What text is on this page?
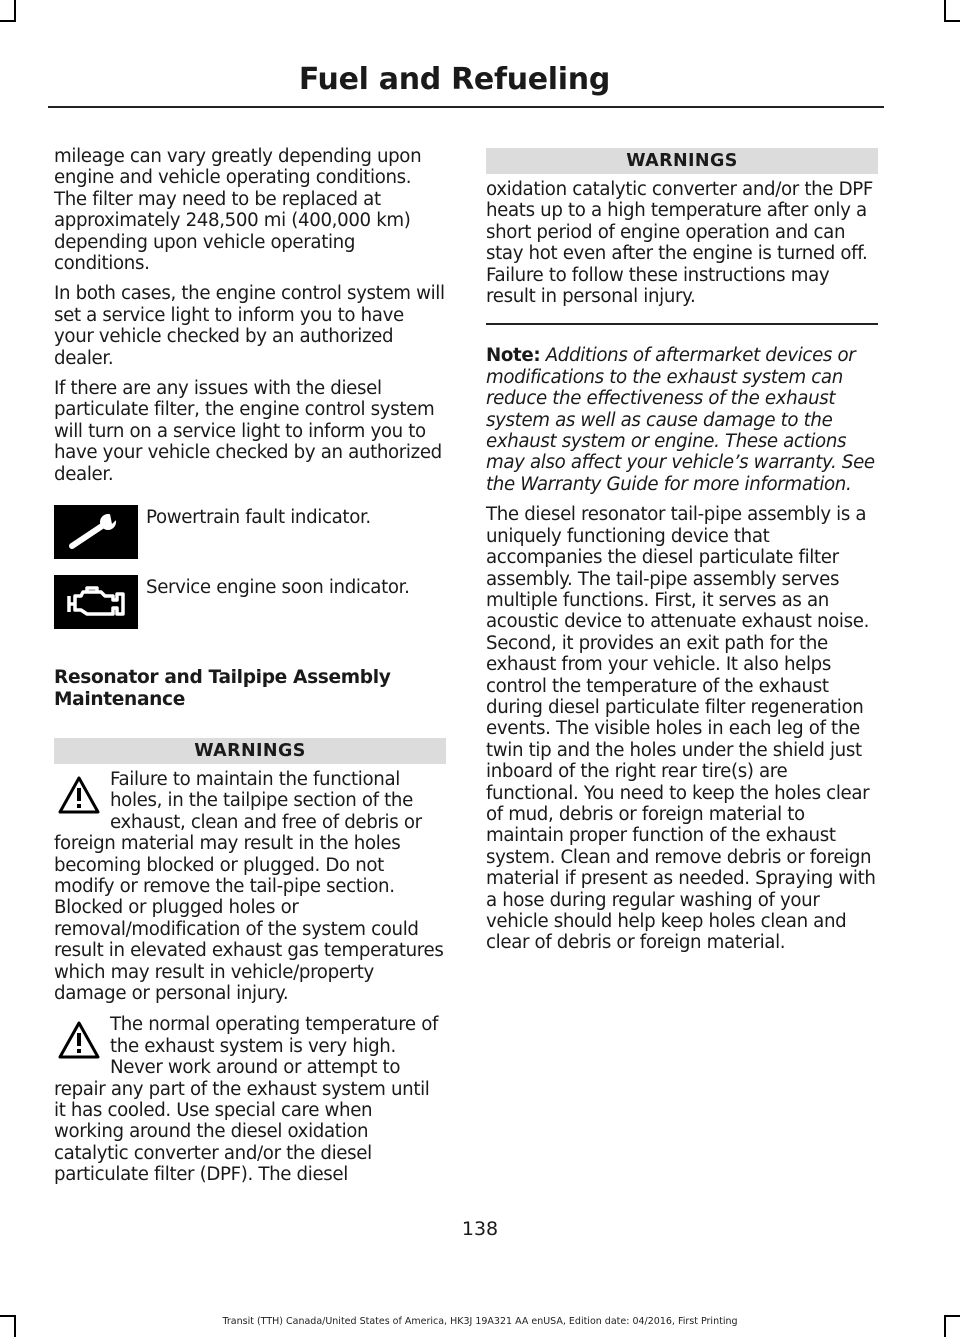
Fuel and Refueling

mileage can vary greatly depending upon engine and vehicle operating conditions. The filter may need to be replaced at approximately 248,500 mi (400,000 km) depending upon vehicle operating conditions.

In both cases, the engine control system will set a service light to inform you to have your vehicle checked by an authorized dealer.

If there are any issues with the diesel particulate filter, the engine control system will turn on a service light to inform you to have your vehicle checked by an authorized dealer.

Powertrain fault indicator.
Service engine soon indicator.
Resonator and Tailpipe Assembly Maintenance
WARNINGS
Failure to maintain the functional holes, in the tailpipe section of the exhaust, clean and free of debris or foreign material may result in the holes becoming blocked or plugged. Do not modify or remove the tail-pipe section. Blocked or plugged holes or removal/modification of the system could result in elevated exhaust gas temperatures which may result in vehicle/property damage or personal injury.
The normal operating temperature of the exhaust system is very high. Never work around or attempt to repair any part of the exhaust system until it has cooled. Use special care when working around the diesel oxidation catalytic converter and/or the diesel particulate filter (DPF). The diesel
WARNINGS
oxidation catalytic converter and/or the DPF heats up to a high temperature after only a short period of engine operation and can stay hot even after the engine is turned off. Failure to follow these instructions may result in personal injury.

Note: Additions of aftermarket devices or modifications to the exhaust system can reduce the effectiveness of the exhaust system as well as cause damage to the exhaust system or engine. These actions may also affect your vehicle’s warranty. See the Warranty Guide for more information.

The diesel resonator tail-pipe assembly is a uniquely functioning device that accompanies the diesel particulate filter assembly. The tail-pipe assembly serves multiple functions. First, it serves as an acoustic device to attenuate exhaust noise. Second, it provides an exit path for the exhaust from your vehicle. It also helps control the temperature of the exhaust during diesel particulate filter regeneration events. The visible holes in each leg of the twin tip and the holes under the shield just inboard of the right rear tire(s) are functional. You need to keep the holes clear of mud, debris or foreign material to maintain proper function of the exhaust system. Clean and remove debris or foreign material if present as needed. Spraying with a hose during regular washing of your vehicle should help keep holes clean and clear of debris or foreign material.

138
Transit (TTH) Canada/United States of America, HK3J 19A321 AA enUSA, Edition date: 04/2016, First Printing
